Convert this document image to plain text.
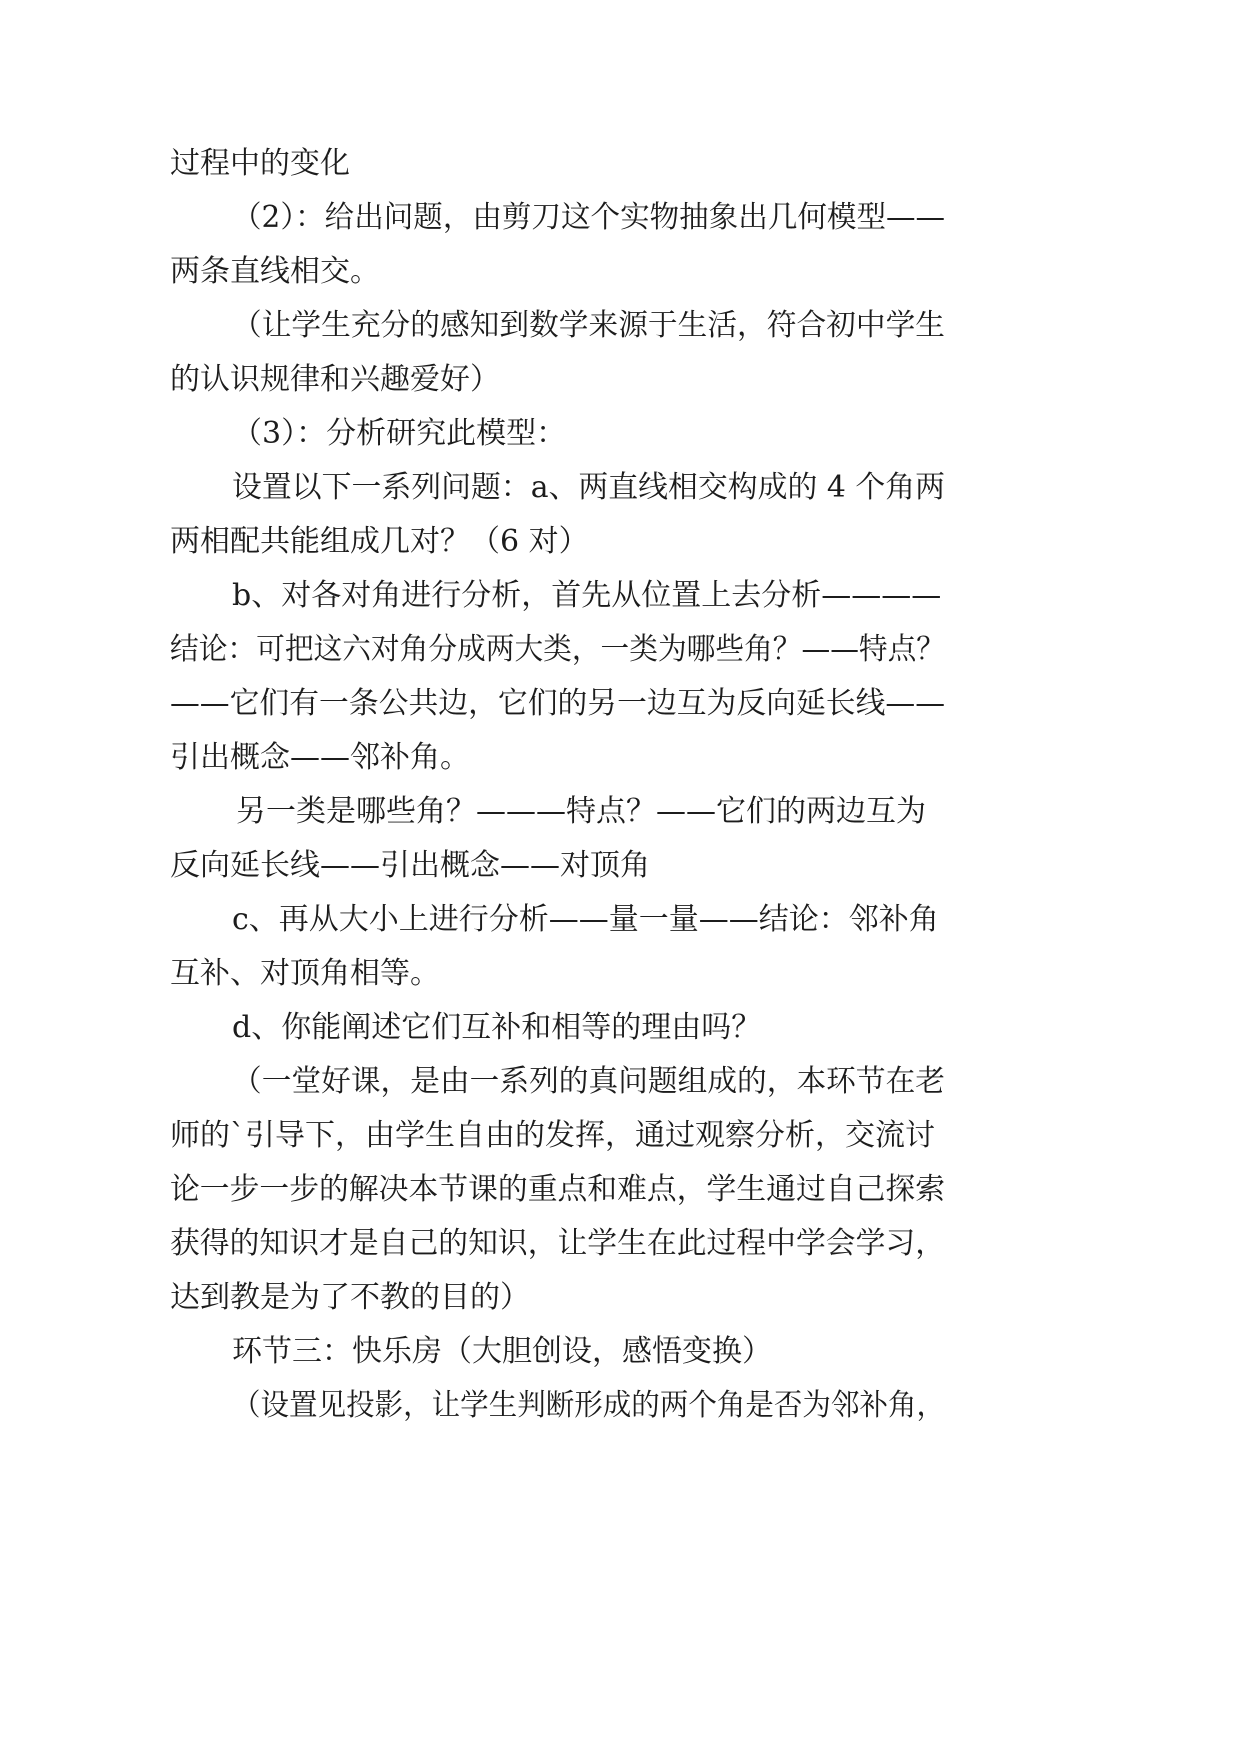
过程中的变化
（2）：给出问题，由剪刀这个实物抽象出几何模型——
两条直线相交。
（让学生充分的感知到数学来源于生活，符合初中学生
的认识规律和兴趣爱好）
（3）：分析研究此模型：
设置以下一系列问题：a、两直线相交构成的 4 个角两
两相配共能组成几对？（6 对）
b、对各对角进行分析，首先从位置上去分析————
结论：可把这六对角分成两大类，一类为哪些角？——特点？
——它们有一条公共边，它们的另一边互为反向延长线——
引出概念——邻补角。
另一类是哪些角？———特点？——它们的两边互为
反向延长线——引出概念——对顶角
c、再从大小上进行分析——量一量——结论：邻补角
互补、对顶角相等。
d、你能阐述它们互补和相等的理由吗？
（一堂好课，是由一系列的真问题组成的，本环节在老
师的`引导下，由学生自由的发挥，通过观察分析，交流讨
论一步一步的解决本节课的重点和难点，学生通过自己探索
获得的知识才是自己的知识，让学生在此过程中学会学习，
达到教是为了不教的目的）
环节三：快乐房（大胆创设，感悟变换）
（设置见投影，让学生判断形成的两个角是否为邻补角，
